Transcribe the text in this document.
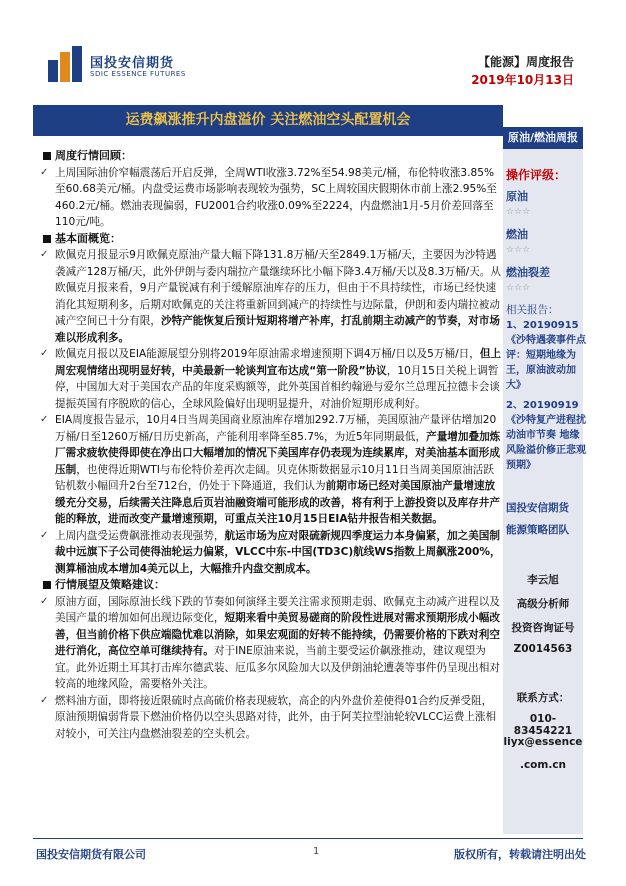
国投安信期货
SDIC ESSENCE FUTURES
【能源】周度报告
2019年10月13日
运费飙涨推升内盘溢价 关注燃油空头配置机会
原油/燃油周报
操作评级：
原油
☆☆☆
燃油
☆☆☆
燃油裂差
☆☆☆
相关报告：
1、20190915《沙特遇袭事件点评：短期地缘为王，原油波动加大》
2、20190919《沙特复产进程扰动油市节奏 地缘风险溢价修正悲观预期》
国投安信期货
能源策略团队
李云旭
高级分析师
投资咨询证号
Z0014563
联系方式：
010-83454221
liyx@essence
.com.cn
周度行情回顾：
✓ 上周国际油价窄幅震荡后开启反弹，全周WTI收涨3.72%至54.98美元/桶，布伦特收涨3.85%至60.68美元/桶。内盘受运费市场影响表现较为强势，SC上周较国庆假期休市前上涨2.95%至460.2元/桶。燃油表现偏弱，FU2001合约收涨0.09%至2224，内盘燃油1月-5月价差回落至110元/吨。
基本面概览：
✓ 欧佩克月报显示9月欧佩克原油产量大幅下降131.8万桶/天至2849.1万桶/天，主要因为沙特遇袭减产128万桶/天，此外伊朗与委内瑞拉产量继续环比小幅下降3.4万桶/天以及8.3万桶/天。从欧佩克月报来看，9月产量锐减有利于缓解原油库存的压力，但由于不具持续性，市场已经快速消化其短期利多，后期对欧佩克的关注将重新回到减产的持续性与边际量，伊朗和委内瑞拉被动减产空间已十分有限，沙特产能恢复后预计短期将增产补库，打乱前期主动减产的节奏，对市场难以形成利多。
✓ 欧佩克月报以及EIA能源展望分别将2019年原油需求增速预期下调4万桶/日以及5万桶/日，但上周宏观情绪出现明显好转，中美最新一轮谈判宣布达成“第一阶段”协议，10月15日关税上调暂停，中国加大对于美国农产品的年度采购额等，此外英国首相约翰逊与爱尔兰总理瓦拉德卡会谈提振英国有序脱欧的信心，全球风险偏好出现明显提升，对油价短期形成利好。
✓ EIA周度报告显示，10月4日当周美国商业原油库存增加292.7万桶，美国原油产量评估增加20万桶/日至1260万桶/日历史新高，产能利用率降至85.7%，为近5年同期最低，产量增加叠加炼厂需求疲软使得即使在净出口大幅增加的情况下美国库存仍表现为连续累库，对美油基本面形成压制，也使得近期WTI与布伦特价差再次走阔。贝克休斯数据显示10月11日当周美国原油活跃钻机数小幅回升2台至712台，仍处于下降通道，我们认为前期市场已经对美国原油产量增速放缓充分交易，后续需关注降息后页岩油融资端可能形成的改善，将有利于上游投资以及库存井产能的释放，进而改变产量增速预期，可重点关注10月15日EIA钻井报告相关数据。
✓ 上周内盘受运费飙涨推动表现强势，航运市场为应对限硫新规四季度运力本身偏紧，加之美国制裁中远旗下子公司使得油轮运力偏紧，VLCC中东-中国(TD3C)航线WS指数上周飙涨200%，测算桶油成本增加4美元以上，大幅推升内盘交割成本。
行情展望及策略建议：
✓ 原油方面，国际原油长线下跌的节奏如何演绎主要关注需求预期走弱、欧佩克主动减产进程以及美国产量的增加如何出现边际变化，短期来看中美贸易磋商的阶段性进展对需求预期形成小幅改善，但当前价格下供应端隐忧难以消除，如果宏观面的好转不能持续，仍需要价格的下跌对利空进行消化，高位空单可继续持有。对于INE原油来说，当前主要受运价飙涨推动，建议观望为宜。此外近期土耳其打击库尔德武装、厄瓜多尔风险加大以及伊朗油轮遭袭等事件仍呈现出相对较高的地缘风险，需要格外关注。
✓ 燃料油方面，即将接近限硫时点高硫价格表现疲软，高企的内外盘价差使得01合约反弹受阻，原油预期偏弱背景下燃油价格仍以空头思路对待，此外，由于阿芙拉型油轮较VLCC运费上涨相对较小，可关注内盘燃油裂差的空头机会。
国投安信期货有限公司	1	版权所有，转载请注明出处
